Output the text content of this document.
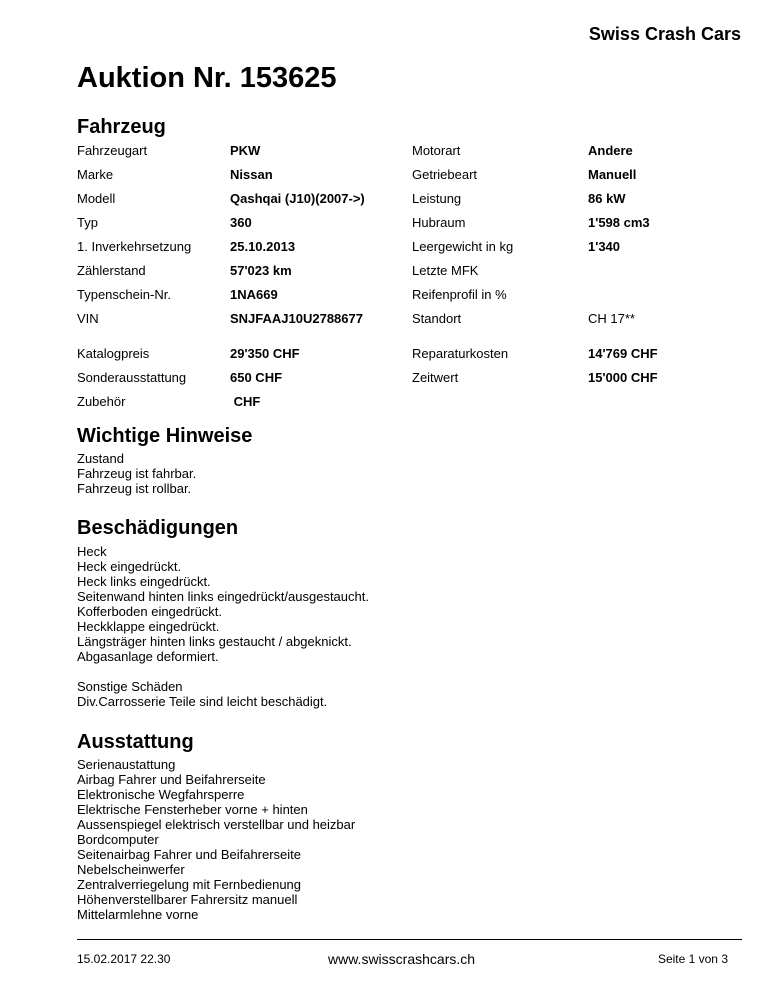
Swiss Crash Cars
Auktion Nr. 153625
Fahrzeug
Fahrzeugart	PKW	Motorart	Andere
Marke	Nissan	Getriebeart	Manuell
Modell	Qashqai (J10)(2007->)	Leistung	86 kW
Typ	360	Hubraum	1'598 cm3
1. Inverkehrsetzung	25.10.2013	Leergewicht in kg	1'340
Zählerstand	57'023 km	Letzte MFK
Typenschein-Nr.	1NA669	Reifenprofil in %
VIN	SNJFAAJ10U2788677	Standort	CH 17**
Katalogpreis	29'350 CHF	Reparaturkosten	14'769 CHF
Sonderausstattung	650 CHF	Zeitwert	15'000 CHF
Zubehör	CHF
Wichtige Hinweise
Zustand
Fahrzeug ist fahrbar.
Fahrzeug ist rollbar.
Beschädigungen
Heck
Heck eingedrückt.
Heck links eingedrückt.
Seitenwand hinten links eingedrückt/ausgestaucht.
Kofferboden eingedrückt.
Heckklappe eingedrückt.
Längsträger hinten links gestaucht / abgeknickt.
Abgasanlage deformiert.
Sonstige Schäden
Div.Carrosserie Teile sind leicht beschädigt.
Ausstattung
Serienaustattung
Airbag Fahrer und Beifahrerseite
Elektronische Wegfahrsperre
Elektrische Fensterheber vorne + hinten
Aussenspiegel elektrisch verstellbar und heizbar
Bordcomputer
Seitenairbag Fahrer und Beifahrerseite
Nebelscheinwerfer
Zentralverriegelung mit Fernbedienung
Höhenverstellbarer Fahrersitz manuell
Mittelarmlehne vorne
15.02.2017 22.30	www.swisscrashcars.ch	Seite 1 von 3
